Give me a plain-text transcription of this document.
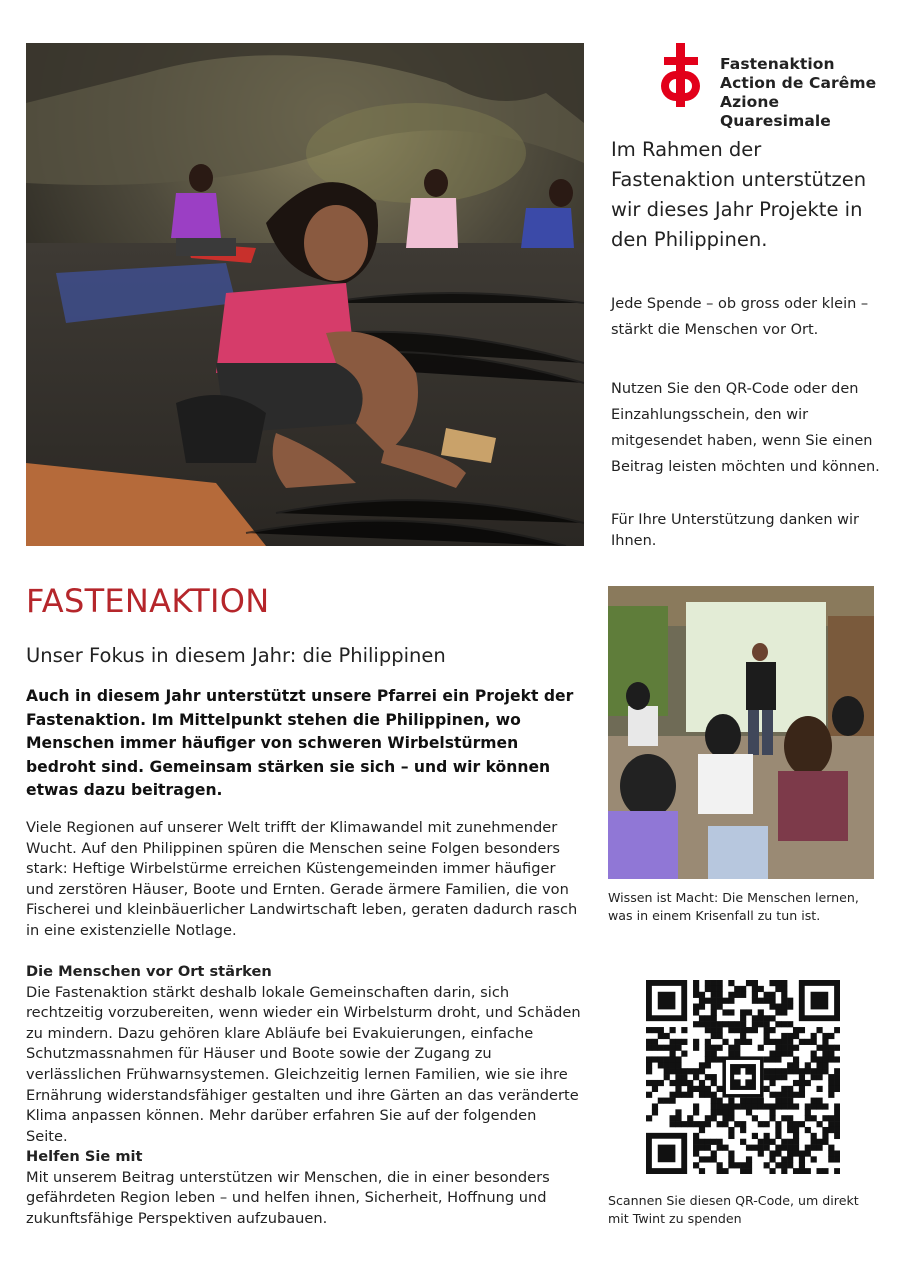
Fastenaktion
Action de Carême
Azione Quaresimale
Im Rahmen der Fastenaktion unterstützen wir dieses Jahr Projekte in den Philippinen.
Jede Spende – ob gross oder klein – stärkt die Menschen vor Ort.
Nutzen Sie den QR-Code oder den Einzahlungsschein, den wir mitgesendet haben, wenn Sie einen Beitrag leisten möchten und können.
Für Ihre Unterstützung danken wir Ihnen.
FASTENAKTION
Unser Fokus in diesem Jahr: die Philippinen
Auch in diesem Jahr unterstützt unsere Pfarrei ein Projekt der Fastenaktion. Im Mittelpunkt stehen die Philippinen, wo Menschen immer häufiger von schweren Wirbelstürmen bedroht sind. Gemeinsam stärken sie sich – und wir können etwas dazu beitragen.
Viele Regionen auf unserer Welt trifft der Klimawandel mit zunehmender Wucht. Auf den Philippinen spüren die Menschen seine Folgen besonders stark: Heftige Wirbelstürme erreichen Küstengemeinden immer häufiger und zerstören Häuser, Boote und Ernten. Gerade ärmere Familien, die von Fischerei und kleinbäuerlicher Landwirtschaft leben, geraten dadurch rasch in eine existenzielle Notlage.
Die Menschen vor Ort stärken
Die Fastenaktion stärkt deshalb lokale Gemeinschaften darin, sich rechtzeitig vorzubereiten, wenn wieder ein Wirbelsturm droht, und Schäden zu mindern. Dazu gehören klare Abläufe bei Evakuierungen, einfache Schutzmassnahmen für Häuser und Boote sowie der Zugang zu verlässlichen Frühwarnsystemen. Gleichzeitig lernen Familien, wie sie ihre Ernährung widerstandsfähiger gestalten und ihre Gärten an das veränderte Klima anpassen können. Mehr darüber erfahren Sie auf der folgenden Seite.
Helfen Sie mit
Mit unserem Beitrag unterstützen wir Menschen, die in einer besonders gefährdeten Region leben – und helfen ihnen, Sicherheit, Hoffnung und zukunftsfähige Perspektiven aufzubauen.
Wissen ist Macht: Die Menschen lernen, was in einem Krisenfall zu tun ist.
Scannen Sie diesen QR-Code, um direkt mit Twint zu spenden
